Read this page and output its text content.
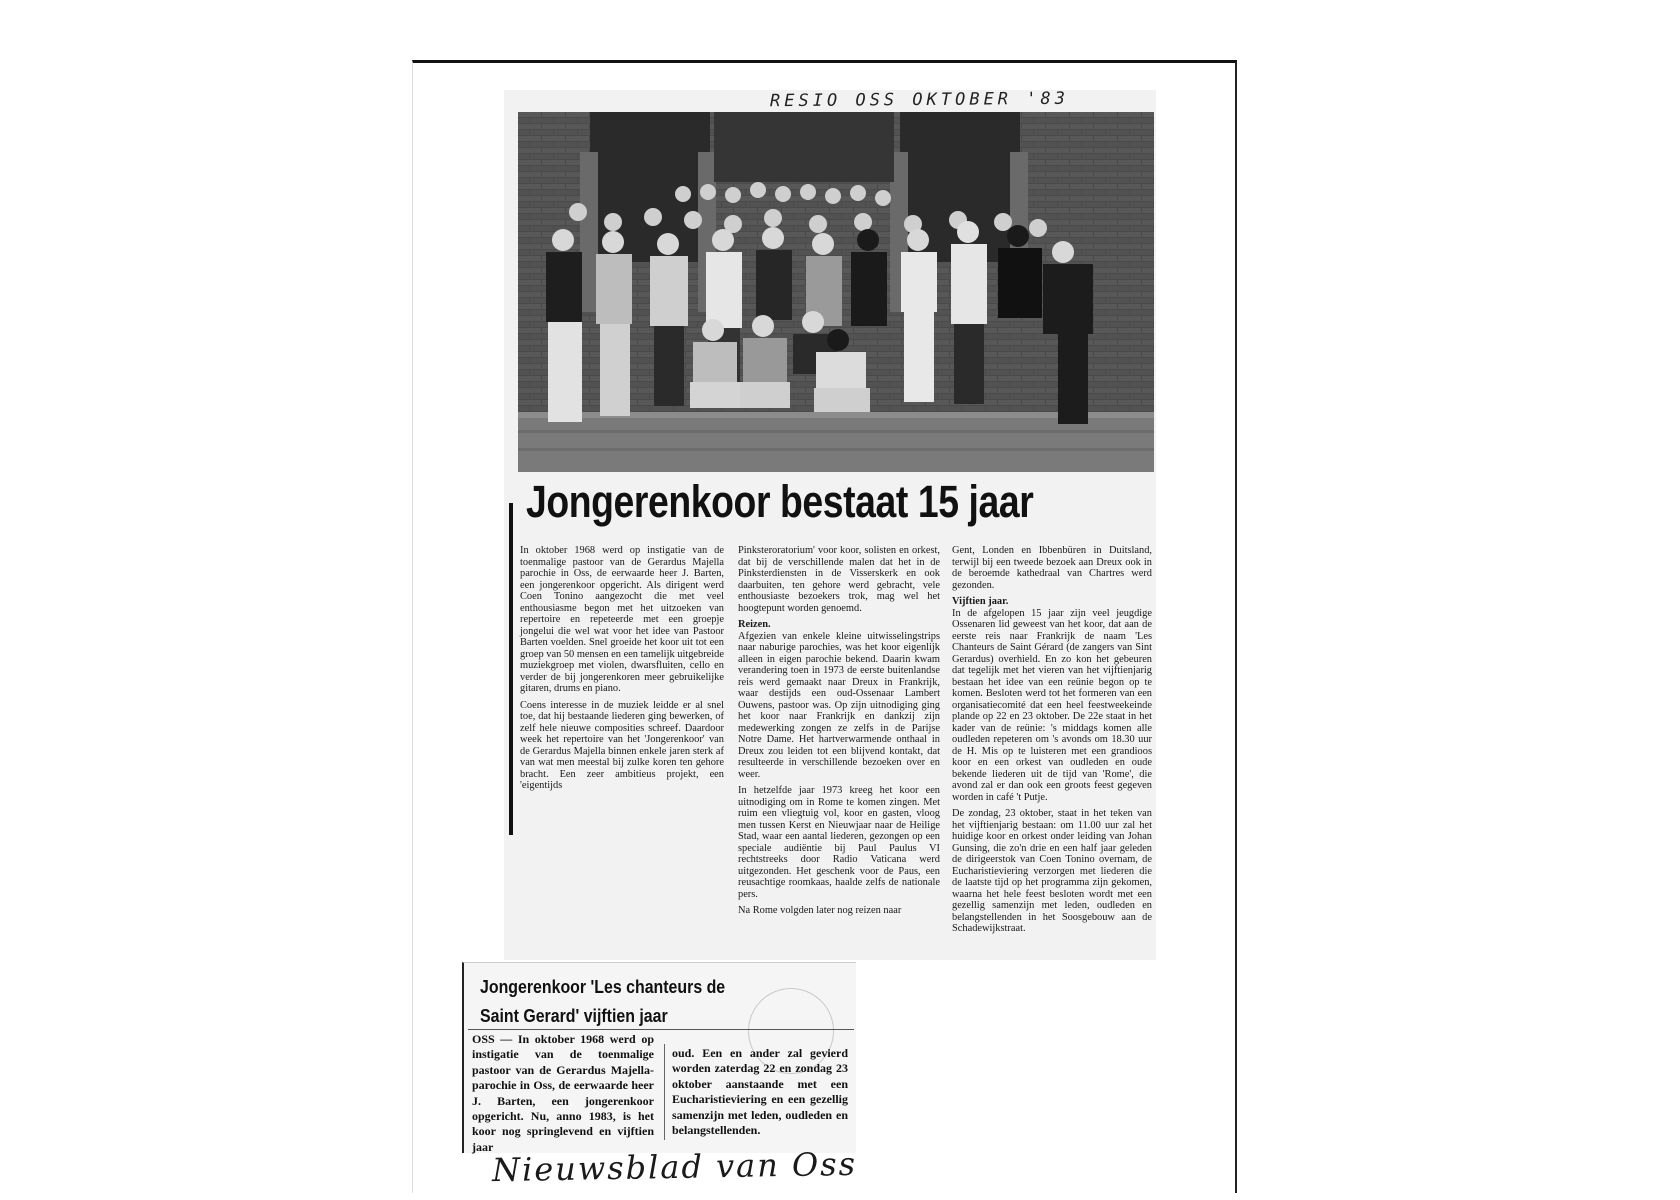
RESIO OSS OKTOBER '83
Jongerenkoor bestaat 15 jaar

In oktober 1968 werd op instigatie van de toenmalige pastoor van de Gerardus Majella parochie in Oss, de eerwaarde heer J. Barten, een jongerenkoor opgericht. Als dirigent werd Coen Tonino aangezocht die met veel enthousiasme begon met het uitzoeken van repertoire en repeteerde met een groepje jongelui die wel wat voor het idee van Pastoor Barten voelden. Snel groeide het koor uit tot een groep van 50 mensen en een tamelijk uitgebreide muziekgroep met violen, dwarsfluiten, cello en verder de bij jongerenkoren meer gebruikelijke gitaren, drums en piano.

Coens interesse in de muziek leidde er al snel toe, dat hij bestaande liederen ging bewerken, of zelf hele nieuwe composities schreef. Daardoor week het repertoire van het 'Jongerenkoor' van de Gerardus Majella binnen enkele jaren sterk af van wat men meestal bij zulke koren ten gehore bracht. Een zeer ambitieus projekt, een 'eigentijds

Pinksteroratorium' voor koor, solisten en orkest, dat bij de verschillende malen dat het in de Pinksterdiensten in de Visserskerk en ook daarbuiten, ten gehore werd gebracht, vele enthousiaste bezoekers trok, mag wel het hoogtepunt worden genoemd.

Reizen.

Afgezien van enkele kleine uitwisselingstrips naar naburige parochies, was het koor eigenlijk alleen in eigen parochie bekend. Daarin kwam verandering toen in 1973 de eerste buitenlandse reis werd gemaakt naar Dreux in Frankrijk, waar destijds een oud-Ossenaar Lambert Ouwens, pastoor was. Op zijn uitnodiging ging het koor naar Frankrijk en dankzij zijn medewerking zongen ze zelfs in de Parijse Notre Dame. Het hartverwarmende onthaal in Dreux zou leiden tot een blijvend kontakt, dat resulteerde in verschillende bezoeken over en weer.

In hetzelfde jaar 1973 kreeg het koor een uitnodiging om in Rome te komen zingen. Met ruim een vliegtuig vol, koor en gasten, vloog men tussen Kerst en Nieuwjaar naar de Heilige Stad, waar een aantal liederen, gezongen op een speciale audiëntie bij Paul Paulus VI rechtstreeks door Radio Vaticana werd uitgezonden. Het geschenk voor de Paus, een reusachtige roomkaas, haalde zelfs de nationale pers.

Na Rome volgden later nog reizen naar

Gent, Londen en Ibbenbüren in Duitsland, terwijl bij een tweede bezoek aan Dreux ook in de beroemde kathedraal van Chartres werd gezonden.

Vijftien jaar.

In de afgelopen 15 jaar zijn veel jeugdige Ossenaren lid geweest van het koor, dat aan de eerste reis naar Frankrijk de naam 'Les Chanteurs de Saint Gérard (de zangers van Sint Gerardus) overhield. En zo kon het gebeuren dat tegelijk met het vieren van het vijftienjarig bestaan het idee van een reünie begon op te komen. Besloten werd tot het formeren van een organisatiecomité dat een heel feestweekeinde plande op 22 en 23 oktober. De 22e staat in het kader van de reünie: 's middags komen alle oudleden repeteren om 's avonds om 18.30 uur de H. Mis op te luisteren met een grandioos koor en een orkest van oudleden en oude bekende liederen uit de tijd van 'Rome', die avond zal er dan ook een groots feest gegeven worden in café 't Putje.

De zondag, 23 oktober, staat in het teken van het vijftienjarig bestaan: om 11.00 uur zal het huidige koor en orkest onder leiding van Johan Gunsing, die zo'n drie en een half jaar geleden de dirigeerstok van Coen Tonino overnam, de Eucharistieviering verzorgen met liederen die de laatste tijd op het programma zijn gekomen, waarna het hele feest besloten wordt met een gezellig samenzijn met leden, oudleden en belangstellenden in het Soosgebouw aan de Schadewijkstraat.

Jongerenkoor 'Les chanteurs de
Saint Gerard' vijftien jaar
OSS — In oktober 1968 werd op instigatie van de toenmalige pastoor van de Gerardus Majella-parochie in Oss, de eerwaarde heer J. Barten, een jongerenkoor opgericht. Nu, anno 1983, is het koor nog springlevend en vijftien jaar
oud. Een en ander zal gevierd worden zaterdag 22 en zondag 23 oktober aanstaande met een Eucharistieviering en een gezellig samenzijn met leden, oudleden en belangstellenden.
Nieuwsblad van Oss
